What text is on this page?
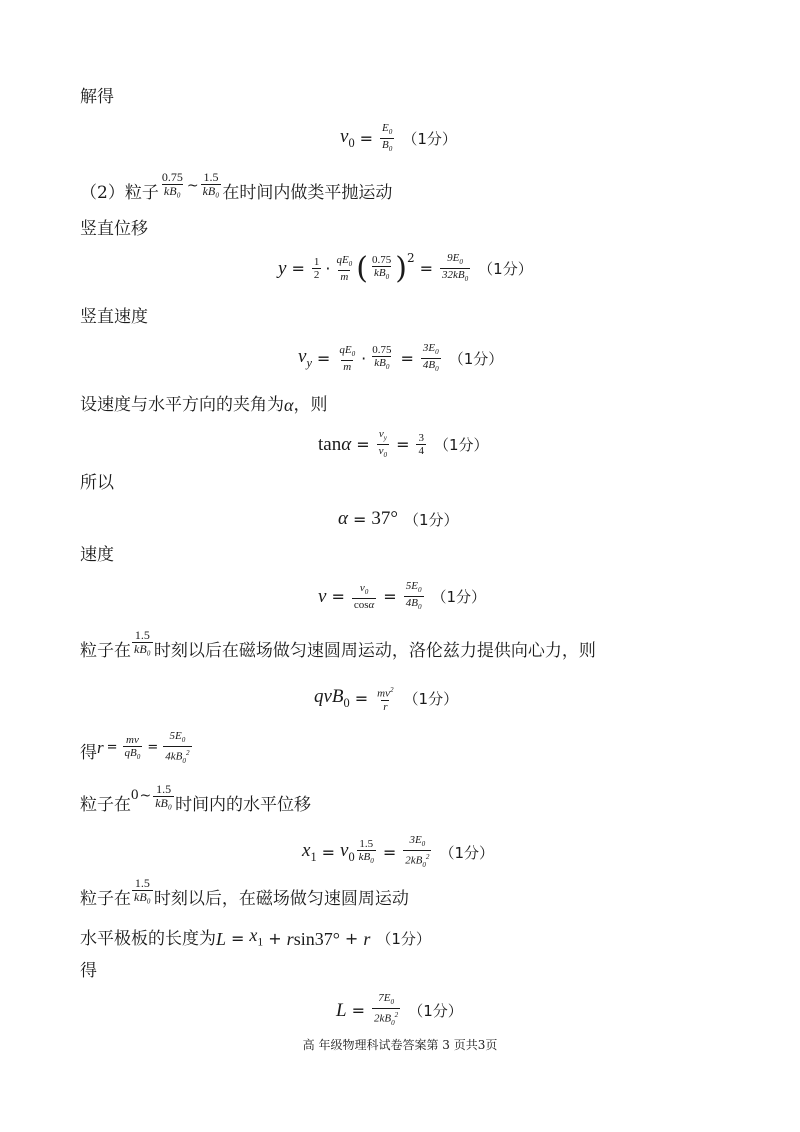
解得
$v_0 = \frac{E_0}{B_0} (1$分）
（2）粒子 $\frac{0.75}{\text{kB₀}}$ ~ $\frac{1.5}{\text{kB₀}}$ 在时间内做类平抛运动
竖直位移
$y = \frac{1}{2} \cdot \frac{qE_0}{m}$ ( $\frac{0.75}{kB_0}$ ) 2
= $\frac{9E_0}{32kB_0} (1$分）
竖直速度
$v_y = \frac{qE_0}{m} \cdot \frac{0.75}{kB_0} = \frac{3E_0}{4B_0} (1$分）
设速度与水平方向的夹角为 α ，则
$\tan \alpha = \frac{v_y}{v_0} = \frac{3}{4} (1$分）
所以
α = 37° （1分）
速度
$v = \frac{v_0}{\cos\alpha} = \frac{5E_0}{4B_0} (1$分）
粒子在 $\frac{1.5}{\text{kB₀}}$ 时刻以后在磁场做匀速圆周运动，洛伦兹力提供向心力，则
$qvB_0 = \frac{mv^2}{r} (1$分）
得 $r = \frac{mv}{qB_0} = \frac{5E_0}{4kB_0^2}$
粒子在 0 ~ $\frac{1.5}{\text{kB₀}}$ 时间内的水平位移
$x_1 = v_0 \frac{1.5}{kB_0} = \frac{3E_0}{2kB_0^2} (1$分）
粒子在 $\frac{1.5}{\text{kB₀}}$ 时刻以后，在磁场做匀速圆周运动
水平极板的长度为 $L = x_1 + r$ sin37° + r （1分）
得
$L = \frac{7E_0}{2kB_0^2} (1$分）
高 年级物理科试卷答案第 3 页共3页
